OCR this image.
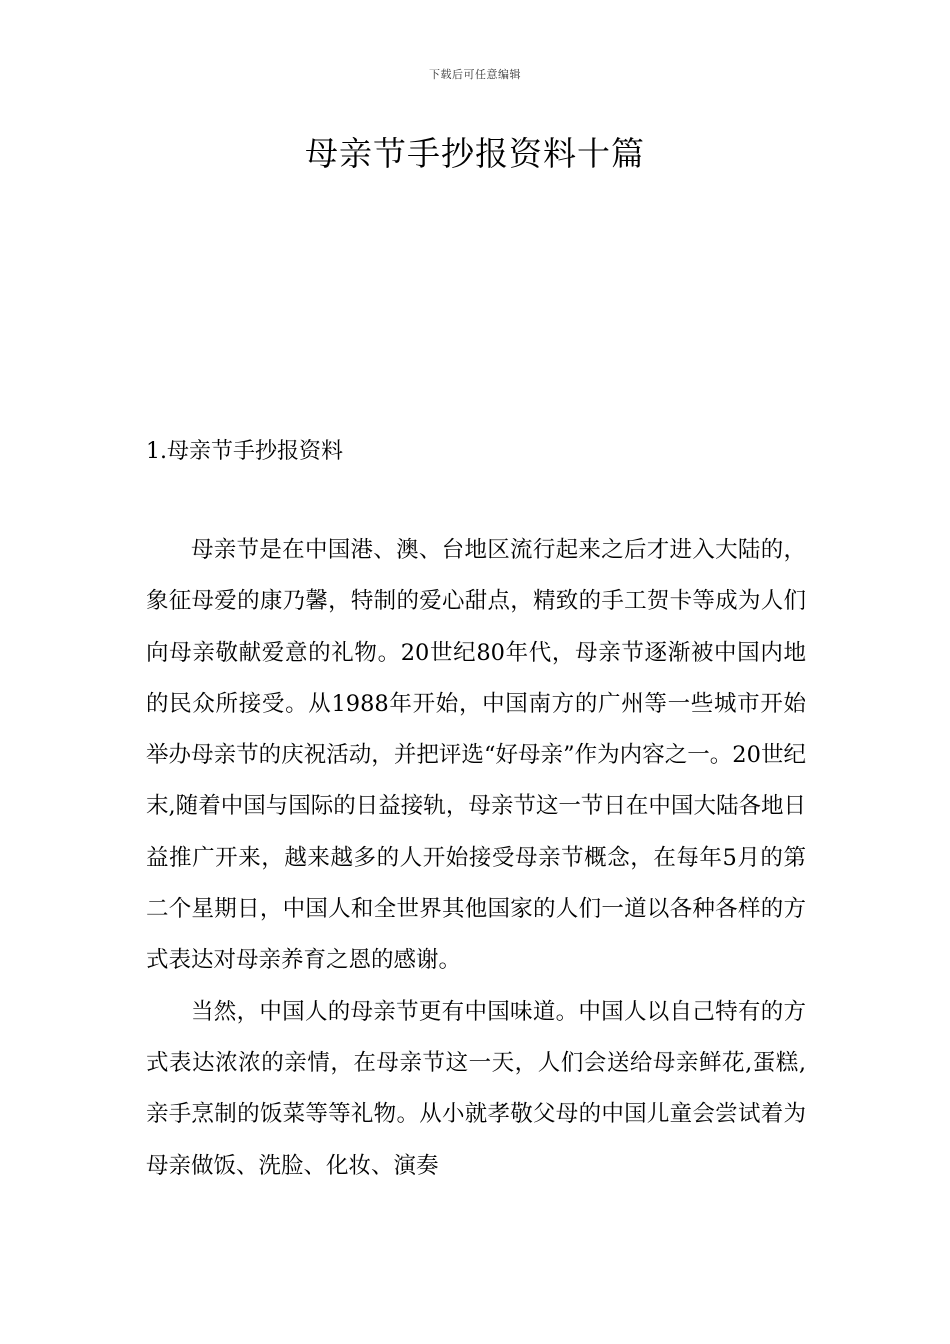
下载后可任意编辑
母亲节手抄报资料十篇
1.母亲节手抄报资料

母亲节是在中国港、澳、台地区流行起来之后才进入大陆的，象征母爱的康乃馨，特制的爱心甜点，精致的手工贺卡等成为人们向母亲敬献爱意的礼物。20世纪80年代，母亲节逐渐被中国内地的民众所接受。从1988年开始，中国南方的广州等一些城市开始举办母亲节的庆祝活动，并把评选“好母亲”作为内容之一。20世纪末,随着中国与国际的日益接轨，母亲节这一节日在中国大陆各地日益推广开来，越来越多的人开始接受母亲节概念，在每年5月的第二个星期日，中国人和全世界其他国家的人们一道以各种各样的方式表达对母亲养育之恩的感谢。

当然，中国人的母亲节更有中国味道。中国人以自己特有的方式表达浓浓的亲情，在母亲节这一天，人们会送给母亲鲜花,蛋糕,亲手烹制的饭菜等等礼物。从小就孝敬父母的中国儿童会尝试着为母亲做饭、洗脸、化妆、演奏
